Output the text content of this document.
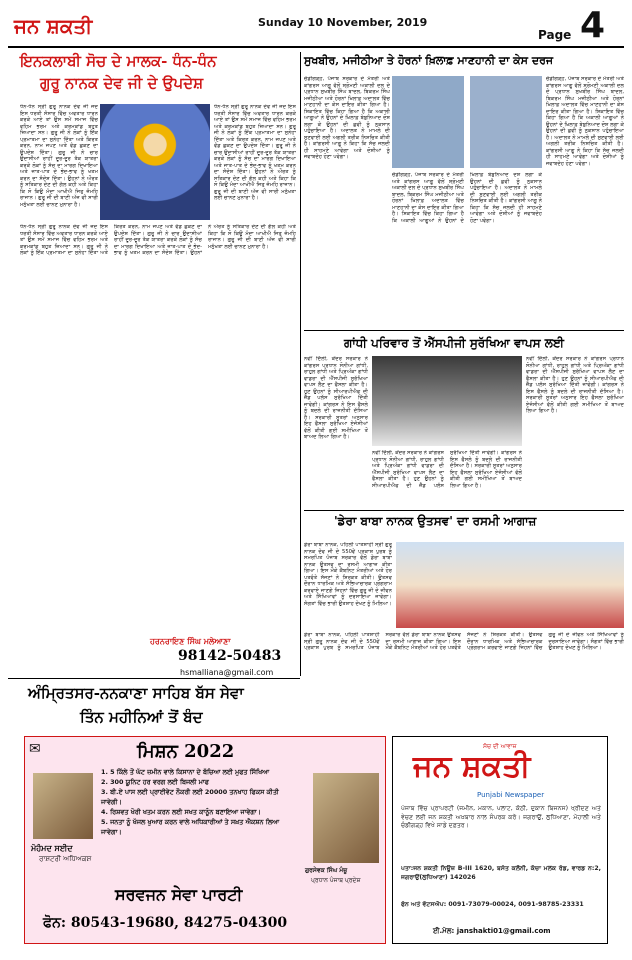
ਜਨ ਸ਼ਕਤੀ	Sunday 10 November, 2019
Page 4
ਇਨਕਲਾਬੀ ਸੋਚ ਦੇ ਮਾਲਕ- ਧੰਨ-ਧੰਨ
ਗੁਰੂ ਨਾਨਕ ਦੇਵ ਜੀ ਦੇ ਉਪਦੇਸ਼
ਧੰਨ-ਧੰਨ ਸ੍ਰੀ ਗੁਰੂ ਨਾਨਕ ਦੇਵ ਜੀ ਜਦ ਇਸ ਧਰਤੀ ਸੰਸਾਰ ਵਿੱਚ ਅਵਤਾਰ ਧਾਰਨ ਕਰਕੇ ਆਏ ਤਾਂ ਉਸ ਸਮੇਂ ਸਮਾਜ ਵਿੱਚ ਵਹਿਮ ਭਰਮ ਅਤੇ ਕਰਮਕਾਂਡ ਬਹੁਤ ਜ਼ਿਆਦਾ ਸਨ। ਗੁਰੂ ਜੀ ਨੇ ਲੋਕਾਂ ਨੂੰ ਇੱਕ ਪ੍ਰਮਾਤਮਾ ਦਾ ਸੁਨੇਹਾ ਦਿੱਤਾ ਅਤੇ ਕਿਰਤ ਕਰਨ, ਨਾਮ ਜਪਣ ਅਤੇ ਵੰਡ ਛਕਣ ਦਾ ਉਪਦੇਸ਼ ਦਿੱਤਾ। ਗੁਰੂ ਜੀ ਨੇ ਚਾਰ ਉਦਾਸੀਆਂ ਰਾਹੀਂ ਦੂਰ-ਦੂਰ ਤੱਕ ਯਾਤਰਾ ਕਰਕੇ ਲੋਕਾਂ ਨੂੰ ਸੱਚ ਦਾ ਮਾਰਗ ਦਿਖਾਇਆ ਅਤੇ ਜਾਤ-ਪਾਤ ਦੇ ਭੇਦ-ਭਾਵ ਨੂੰ ਖਤਮ ਕਰਨ ਦਾ ਸੰਦੇਸ਼ ਦਿੱਤਾ। ਉਹਨਾਂ ਨੇ ਔਰਤ ਨੂੰ ਸਤਿਕਾਰ ਦੇਣ ਦੀ ਗੱਲ ਕਹੀ ਅਤੇ ਕਿਹਾ ਕਿ ਸੋ ਕਿਉ ਮੰਦਾ ਆਖੀਐ ਜਿਤੁ ਜੰਮਹਿ ਰਾਜਾਨ। ਗੁਰੂ ਜੀ ਦੀ ਬਾਣੀ ਅੱਜ ਵੀ ਸਾਰੀ ਮਨੁੱਖਤਾ ਲਈ ਚਾਨਣ ਮੁਨਾਰਾ ਹੈ।
ਧੰਨ-ਧੰਨ ਸ੍ਰੀ ਗੁਰੂ ਨਾਨਕ ਦੇਵ ਜੀ ਜਦ ਇਸ ਧਰਤੀ ਸੰਸਾਰ ਵਿੱਚ ਅਵਤਾਰ ਧਾਰਨ ਕਰਕੇ ਆਏ ਤਾਂ ਉਸ ਸਮੇਂ ਸਮਾਜ ਵਿੱਚ ਵਹਿਮ ਭਰਮ ਅਤੇ ਕਰਮਕਾਂਡ ਬਹੁਤ ਜ਼ਿਆਦਾ ਸਨ। ਗੁਰੂ ਜੀ ਨੇ ਲੋਕਾਂ ਨੂੰ ਇੱਕ ਪ੍ਰਮਾਤਮਾ ਦਾ ਸੁਨੇਹਾ ਦਿੱਤਾ ਅਤੇ ਕਿਰਤ ਕਰਨ, ਨਾਮ ਜਪਣ ਅਤੇ ਵੰਡ ਛਕਣ ਦਾ ਉਪਦੇਸ਼ ਦਿੱਤਾ। ਗੁਰੂ ਜੀ ਨੇ ਚਾਰ ਉਦਾਸੀਆਂ ਰਾਹੀਂ ਦੂਰ-ਦੂਰ ਤੱਕ ਯਾਤਰਾ ਕਰਕੇ ਲੋਕਾਂ ਨੂੰ ਸੱਚ ਦਾ ਮਾਰਗ ਦਿਖਾਇਆ ਅਤੇ ਜਾਤ-ਪਾਤ ਦੇ ਭੇਦ-ਭਾਵ ਨੂੰ ਖਤਮ ਕਰਨ ਦਾ ਸੰਦੇਸ਼ ਦਿੱਤਾ। ਉਹਨਾਂ ਨੇ ਔਰਤ ਨੂੰ ਸਤਿਕਾਰ ਦੇਣ ਦੀ ਗੱਲ ਕਹੀ ਅਤੇ ਕਿਹਾ ਕਿ ਸੋ ਕਿਉ ਮੰਦਾ ਆਖੀਐ ਜਿਤੁ ਜੰਮਹਿ ਰਾਜਾਨ। ਗੁਰੂ ਜੀ ਦੀ ਬਾਣੀ ਅੱਜ ਵੀ ਸਾਰੀ ਮਨੁੱਖਤਾ ਲਈ ਚਾਨਣ ਮੁਨਾਰਾ ਹੈ।
ਧੰਨ-ਧੰਨ ਸ੍ਰੀ ਗੁਰੂ ਨਾਨਕ ਦੇਵ ਜੀ ਜਦ ਇਸ ਧਰਤੀ ਸੰਸਾਰ ਵਿੱਚ ਅਵਤਾਰ ਧਾਰਨ ਕਰਕੇ ਆਏ ਤਾਂ ਉਸ ਸਮੇਂ ਸਮਾਜ ਵਿੱਚ ਵਹਿਮ ਭਰਮ ਅਤੇ ਕਰਮਕਾਂਡ ਬਹੁਤ ਜ਼ਿਆਦਾ ਸਨ। ਗੁਰੂ ਜੀ ਨੇ ਲੋਕਾਂ ਨੂੰ ਇੱਕ ਪ੍ਰਮਾਤਮਾ ਦਾ ਸੁਨੇਹਾ ਦਿੱਤਾ ਅਤੇ ਕਿਰਤ ਕਰਨ, ਨਾਮ ਜਪਣ ਅਤੇ ਵੰਡ ਛਕਣ ਦਾ ਉਪਦੇਸ਼ ਦਿੱਤਾ। ਗੁਰੂ ਜੀ ਨੇ ਚਾਰ ਉਦਾਸੀਆਂ ਰਾਹੀਂ ਦੂਰ-ਦੂਰ ਤੱਕ ਯਾਤਰਾ ਕਰਕੇ ਲੋਕਾਂ ਨੂੰ ਸੱਚ ਦਾ ਮਾਰਗ ਦਿਖਾਇਆ ਅਤੇ ਜਾਤ-ਪਾਤ ਦੇ ਭੇਦ-ਭਾਵ ਨੂੰ ਖਤਮ ਕਰਨ ਦਾ ਸੰਦੇਸ਼ ਦਿੱਤਾ। ਉਹਨਾਂ ਨੇ ਔਰਤ ਨੂੰ ਸਤਿਕਾਰ ਦੇਣ ਦੀ ਗੱਲ ਕਹੀ ਅਤੇ ਕਿਹਾ ਕਿ ਸੋ ਕਿਉ ਮੰਦਾ ਆਖੀਐ ਜਿਤੁ ਜੰਮਹਿ ਰਾਜਾਨ। ਗੁਰੂ ਜੀ ਦੀ ਬਾਣੀ ਅੱਜ ਵੀ ਸਾਰੀ ਮਨੁੱਖਤਾ ਲਈ ਚਾਨਣ ਮੁਨਾਰਾ ਹੈ।
ਹਰਨਰਾਇਣ ਸਿੰਘ ਮਲੇਆਣਾ
98142-50483
hsmalliana@gmail.com
ਅੰਮ੍ਰਿਤਸਰ-ਨਨਕਾਣਾ ਸਾਹਿਬ ਬੱਸ ਸੇਵਾ
ਤਿੰਨ ਮਹੀਨਿਆਂ ਤੋਂ ਬੰਦ
ਸੁਖਬੀਰ, ਮਜੀਠੀਆ ਤੇ ਹੋਰਨਾਂ ਖ਼ਿਲਾਫ਼ ਮਾਣਹਾਨੀ ਦਾ ਕੇਸ ਦਰਜ
ਚੰਡੀਗੜ੍ਹ, ਪੰਜਾਬ ਸਰਕਾਰ ਦੇ ਮੰਤਰੀ ਅਤੇ ਕਾਂਗਰਸ ਆਗੂ ਵੱਲੋਂ ਸ਼੍ਰੋਮਣੀ ਅਕਾਲੀ ਦਲ ਦੇ ਪ੍ਰਧਾਨ ਸੁਖਬੀਰ ਸਿੰਘ ਬਾਦਲ, ਬਿਕਰਮ ਸਿੰਘ ਮਜੀਠੀਆ ਅਤੇ ਹੋਰਨਾਂ ਖ਼ਿਲਾਫ਼ ਅਦਾਲਤ ਵਿੱਚ ਮਾਣਹਾਨੀ ਦਾ ਕੇਸ ਦਾਇਰ ਕੀਤਾ ਗਿਆ ਹੈ। ਸ਼ਿਕਾਇਤ ਵਿੱਚ ਕਿਹਾ ਗਿਆ ਹੈ ਕਿ ਅਕਾਲੀ ਆਗੂਆਂ ਨੇ ਉਹਨਾਂ ਦੇ ਖ਼ਿਲਾਫ਼ ਬੇਬੁਨਿਆਦ ਦੋਸ਼ ਲਗਾ ਕੇ ਉਹਨਾਂ ਦੀ ਛਵੀ ਨੂੰ ਨੁਕਸਾਨ ਪਹੁੰਚਾਇਆ ਹੈ। ਅਦਾਲਤ ਨੇ ਮਾਮਲੇ ਦੀ ਸੁਣਵਾਈ ਲਈ ਅਗਲੀ ਤਰੀਕ ਨਿਸ਼ਚਿਤ ਕੀਤੀ ਹੈ। ਕਾਂਗਰਸੀ ਆਗੂ ਨੇ ਕਿਹਾ ਕਿ ਸੱਚ ਜਲਦੀ ਹੀ ਸਾਹਮਣੇ ਆਵੇਗਾ ਅਤੇ ਦੋਸ਼ੀਆਂ ਨੂੰ ਜਵਾਬਦੇਹ ਹੋਣਾ ਪਵੇਗਾ।
ਚੰਡੀਗੜ੍ਹ, ਪੰਜਾਬ ਸਰਕਾਰ ਦੇ ਮੰਤਰੀ ਅਤੇ ਕਾਂਗਰਸ ਆਗੂ ਵੱਲੋਂ ਸ਼੍ਰੋਮਣੀ ਅਕਾਲੀ ਦਲ ਦੇ ਪ੍ਰਧਾਨ ਸੁਖਬੀਰ ਸਿੰਘ ਬਾਦਲ, ਬਿਕਰਮ ਸਿੰਘ ਮਜੀਠੀਆ ਅਤੇ ਹੋਰਨਾਂ ਖ਼ਿਲਾਫ਼ ਅਦਾਲਤ ਵਿੱਚ ਮਾਣਹਾਨੀ ਦਾ ਕੇਸ ਦਾਇਰ ਕੀਤਾ ਗਿਆ ਹੈ। ਸ਼ਿਕਾਇਤ ਵਿੱਚ ਕਿਹਾ ਗਿਆ ਹੈ ਕਿ ਅਕਾਲੀ ਆਗੂਆਂ ਨੇ ਉਹਨਾਂ ਦੇ ਖ਼ਿਲਾਫ਼ ਬੇਬੁਨਿਆਦ ਦੋਸ਼ ਲਗਾ ਕੇ ਉਹਨਾਂ ਦੀ ਛਵੀ ਨੂੰ ਨੁਕਸਾਨ ਪਹੁੰਚਾਇਆ ਹੈ। ਅਦਾਲਤ ਨੇ ਮਾਮਲੇ ਦੀ ਸੁਣਵਾਈ ਲਈ ਅਗਲੀ ਤਰੀਕ ਨਿਸ਼ਚਿਤ ਕੀਤੀ ਹੈ। ਕਾਂਗਰਸੀ ਆਗੂ ਨੇ ਕਿਹਾ ਕਿ ਸੱਚ ਜਲਦੀ ਹੀ ਸਾਹਮਣੇ ਆਵੇਗਾ ਅਤੇ ਦੋਸ਼ੀਆਂ ਨੂੰ ਜਵਾਬਦੇਹ ਹੋਣਾ ਪਵੇਗਾ।
ਚੰਡੀਗੜ੍ਹ, ਪੰਜਾਬ ਸਰਕਾਰ ਦੇ ਮੰਤਰੀ ਅਤੇ ਕਾਂਗਰਸ ਆਗੂ ਵੱਲੋਂ ਸ਼੍ਰੋਮਣੀ ਅਕਾਲੀ ਦਲ ਦੇ ਪ੍ਰਧਾਨ ਸੁਖਬੀਰ ਸਿੰਘ ਬਾਦਲ, ਬਿਕਰਮ ਸਿੰਘ ਮਜੀਠੀਆ ਅਤੇ ਹੋਰਨਾਂ ਖ਼ਿਲਾਫ਼ ਅਦਾਲਤ ਵਿੱਚ ਮਾਣਹਾਨੀ ਦਾ ਕੇਸ ਦਾਇਰ ਕੀਤਾ ਗਿਆ ਹੈ। ਸ਼ਿਕਾਇਤ ਵਿੱਚ ਕਿਹਾ ਗਿਆ ਹੈ ਕਿ ਅਕਾਲੀ ਆਗੂਆਂ ਨੇ ਉਹਨਾਂ ਦੇ ਖ਼ਿਲਾਫ਼ ਬੇਬੁਨਿਆਦ ਦੋਸ਼ ਲਗਾ ਕੇ ਉਹਨਾਂ ਦੀ ਛਵੀ ਨੂੰ ਨੁਕਸਾਨ ਪਹੁੰਚਾਇਆ ਹੈ। ਅਦਾਲਤ ਨੇ ਮਾਮਲੇ ਦੀ ਸੁਣਵਾਈ ਲਈ ਅਗਲੀ ਤਰੀਕ ਨਿਸ਼ਚਿਤ ਕੀਤੀ ਹੈ। ਕਾਂਗਰਸੀ ਆਗੂ ਨੇ ਕਿਹਾ ਕਿ ਸੱਚ ਜਲਦੀ ਹੀ ਸਾਹਮਣੇ ਆਵੇਗਾ ਅਤੇ ਦੋਸ਼ੀਆਂ ਨੂੰ ਜਵਾਬਦੇਹ ਹੋਣਾ ਪਵੇਗਾ।
ਗਾਂਧੀ ਪਰਿਵਾਰ ਤੋਂ ਐੱਸਪੀਜੀ ਸੁਰੱਖਿਆ ਵਾਪਸ ਲਈ
ਨਵੀਂ ਦਿੱਲੀ, ਕੇਂਦਰ ਸਰਕਾਰ ਨੇ ਕਾਂਗਰਸ ਪ੍ਰਧਾਨ ਸੋਨੀਆ ਗਾਂਧੀ, ਰਾਹੁਲ ਗਾਂਧੀ ਅਤੇ ਪ੍ਰਿਅੰਕਾ ਗਾਂਧੀ ਵਾਡਰਾ ਦੀ ਐੱਸਪੀਜੀ ਸੁਰੱਖਿਆ ਵਾਪਸ ਲੈਣ ਦਾ ਫੈਸਲਾ ਕੀਤਾ ਹੈ। ਹੁਣ ਉਹਨਾਂ ਨੂੰ ਸੀਆਰਪੀਐਫ ਦੀ ਜ਼ੈੱਡ ਪਲੱਸ ਸੁਰੱਖਿਆ ਦਿੱਤੀ ਜਾਵੇਗੀ। ਕਾਂਗਰਸ ਨੇ ਇਸ ਫੈਸਲੇ ਨੂੰ ਬਦਲੇ ਦੀ ਰਾਜਨੀਤੀ ਦੱਸਿਆ ਹੈ। ਸਰਕਾਰੀ ਸੂਤਰਾਂ ਅਨੁਸਾਰ ਇਹ ਫੈਸਲਾ ਸੁਰੱਖਿਆ ਏਜੰਸੀਆਂ ਵੱਲੋਂ ਕੀਤੀ ਗਈ ਸਮੀਖਿਆ ਤੋਂ ਬਾਅਦ ਲਿਆ ਗਿਆ ਹੈ।
ਨਵੀਂ ਦਿੱਲੀ, ਕੇਂਦਰ ਸਰਕਾਰ ਨੇ ਕਾਂਗਰਸ ਪ੍ਰਧਾਨ ਸੋਨੀਆ ਗਾਂਧੀ, ਰਾਹੁਲ ਗਾਂਧੀ ਅਤੇ ਪ੍ਰਿਅੰਕਾ ਗਾਂਧੀ ਵਾਡਰਾ ਦੀ ਐੱਸਪੀਜੀ ਸੁਰੱਖਿਆ ਵਾਪਸ ਲੈਣ ਦਾ ਫੈਸਲਾ ਕੀਤਾ ਹੈ। ਹੁਣ ਉਹਨਾਂ ਨੂੰ ਸੀਆਰਪੀਐਫ ਦੀ ਜ਼ੈੱਡ ਪਲੱਸ ਸੁਰੱਖਿਆ ਦਿੱਤੀ ਜਾਵੇਗੀ। ਕਾਂਗਰਸ ਨੇ ਇਸ ਫੈਸਲੇ ਨੂੰ ਬਦਲੇ ਦੀ ਰਾਜਨੀਤੀ ਦੱਸਿਆ ਹੈ। ਸਰਕਾਰੀ ਸੂਤਰਾਂ ਅਨੁਸਾਰ ਇਹ ਫੈਸਲਾ ਸੁਰੱਖਿਆ ਏਜੰਸੀਆਂ ਵੱਲੋਂ ਕੀਤੀ ਗਈ ਸਮੀਖਿਆ ਤੋਂ ਬਾਅਦ ਲਿਆ ਗਿਆ ਹੈ।
ਨਵੀਂ ਦਿੱਲੀ, ਕੇਂਦਰ ਸਰਕਾਰ ਨੇ ਕਾਂਗਰਸ ਪ੍ਰਧਾਨ ਸੋਨੀਆ ਗਾਂਧੀ, ਰਾਹੁਲ ਗਾਂਧੀ ਅਤੇ ਪ੍ਰਿਅੰਕਾ ਗਾਂਧੀ ਵਾਡਰਾ ਦੀ ਐੱਸਪੀਜੀ ਸੁਰੱਖਿਆ ਵਾਪਸ ਲੈਣ ਦਾ ਫੈਸਲਾ ਕੀਤਾ ਹੈ। ਹੁਣ ਉਹਨਾਂ ਨੂੰ ਸੀਆਰਪੀਐਫ ਦੀ ਜ਼ੈੱਡ ਪਲੱਸ ਸੁਰੱਖਿਆ ਦਿੱਤੀ ਜਾਵੇਗੀ। ਕਾਂਗਰਸ ਨੇ ਇਸ ਫੈਸਲੇ ਨੂੰ ਬਦਲੇ ਦੀ ਰਾਜਨੀਤੀ ਦੱਸਿਆ ਹੈ। ਸਰਕਾਰੀ ਸੂਤਰਾਂ ਅਨੁਸਾਰ ਇਹ ਫੈਸਲਾ ਸੁਰੱਖਿਆ ਏਜੰਸੀਆਂ ਵੱਲੋਂ ਕੀਤੀ ਗਈ ਸਮੀਖਿਆ ਤੋਂ ਬਾਅਦ ਲਿਆ ਗਿਆ ਹੈ।
'ਡੇਰਾ ਬਾਬਾ ਨਾਨਕ ਉਤਸਵ' ਦਾ ਰਸਮੀ ਆਗਾਜ਼
ਡੇਰਾ ਬਾਬਾ ਨਾਨਕ, ਪਹਿਲੀ ਪਾਤਸ਼ਾਹੀ ਸ੍ਰੀ ਗੁਰੂ ਨਾਨਕ ਦੇਵ ਜੀ ਦੇ 550ਵੇਂ ਪ੍ਰਕਾਸ਼ ਪੁਰਬ ਨੂੰ ਸਮਰਪਿਤ ਪੰਜਾਬ ਸਰਕਾਰ ਵੱਲੋਂ ਡੇਰਾ ਬਾਬਾ ਨਾਨਕ ਉਤਸਵ ਦਾ ਰਸਮੀ ਆਗਾਜ਼ ਕੀਤਾ ਗਿਆ। ਇਸ ਮੌਕੇ ਕੈਬਨਿਟ ਮੰਤਰੀਆਂ ਅਤੇ ਹੋਰ ਪਤਵੰਤੇ ਸੱਜਣਾਂ ਨੇ ਸ਼ਿਰਕਤ ਕੀਤੀ। ਉਤਸਵ ਦੌਰਾਨ ਧਾਰਮਿਕ ਅਤੇ ਸੱਭਿਆਚਾਰਕ ਪ੍ਰੋਗਰਾਮ ਕਰਵਾਏ ਜਾਣਗੇ ਜਿਹਨਾਂ ਵਿੱਚ ਗੁਰੂ ਜੀ ਦੇ ਜੀਵਨ ਅਤੇ ਸਿੱਖਿਆਵਾਂ ਨੂੰ ਦਰਸਾਇਆ ਜਾਵੇਗਾ। ਸੰਗਤਾਂ ਵਿੱਚ ਭਾਰੀ ਉਤਸ਼ਾਹ ਦੇਖਣ ਨੂੰ ਮਿਲਿਆ।
ਡੇਰਾ ਬਾਬਾ ਨਾਨਕ, ਪਹਿਲੀ ਪਾਤਸ਼ਾਹੀ ਸ੍ਰੀ ਗੁਰੂ ਨਾਨਕ ਦੇਵ ਜੀ ਦੇ 550ਵੇਂ ਪ੍ਰਕਾਸ਼ ਪੁਰਬ ਨੂੰ ਸਮਰਪਿਤ ਪੰਜਾਬ ਸਰਕਾਰ ਵੱਲੋਂ ਡੇਰਾ ਬਾਬਾ ਨਾਨਕ ਉਤਸਵ ਦਾ ਰਸਮੀ ਆਗਾਜ਼ ਕੀਤਾ ਗਿਆ। ਇਸ ਮੌਕੇ ਕੈਬਨਿਟ ਮੰਤਰੀਆਂ ਅਤੇ ਹੋਰ ਪਤਵੰਤੇ ਸੱਜਣਾਂ ਨੇ ਸ਼ਿਰਕਤ ਕੀਤੀ। ਉਤਸਵ ਦੌਰਾਨ ਧਾਰਮਿਕ ਅਤੇ ਸੱਭਿਆਚਾਰਕ ਪ੍ਰੋਗਰਾਮ ਕਰਵਾਏ ਜਾਣਗੇ ਜਿਹਨਾਂ ਵਿੱਚ ਗੁਰੂ ਜੀ ਦੇ ਜੀਵਨ ਅਤੇ ਸਿੱਖਿਆਵਾਂ ਨੂੰ ਦਰਸਾਇਆ ਜਾਵੇਗਾ। ਸੰਗਤਾਂ ਵਿੱਚ ਭਾਰੀ ਉਤਸ਼ਾਹ ਦੇਖਣ ਨੂੰ ਮਿਲਿਆ।
✉	ਮਿਸ਼ਨ 2022
ਮੋਹੰਮਦ ਸਈਦ
ਰਾਸ਼ਟਰੀ ਅਧਿਅਕਸ਼
1. 5 ਕਿੱਲੇ ਤੋਂ ਘੱਟ ਜ਼ਮੀਨ ਵਾਲੇ ਕਿਸਾਨਾ ਦੇ ਬੱਚਿਆ ਲਈ ਮੁਫਤ ਸਿੱਖਿਆ
2. 300 ਯੂਨਿਟ ਹਰ ਵਰਗ ਲਈ ਬਿਜਲੀ ਮਾਫ
3. ਬੀ.ਏ ਪਾਸ ਲਈ ਪ੍ਰਾਈਵੇਟ ਨੌਕਰੀ ਲਈ 20000 ਤਨਖਾਹ ਫਿਕਸ ਕੀਤੀ ਜਾਵੇਗੀ।
4. ਰਿਸ਼ਵਤ ਖੋਰੀ ਖਤਮ ਕਰਨ ਲਈ ਸਖਤ ਕਾਨੂੰਨ ਬਣਾਇਆ ਜਾਵੇਗਾ।
5. ਜਨਤਾ ਨੂੰ ਖੱਜਲ ਖੁਆਰ ਕਰਨ ਵਾਲੇ ਅਧਿਕਾਰੀਆਂ ਤੇ ਸਖ਼ਤ ਐਕਸ਼ਨ ਲਿਆ ਜਾਵੇਗਾ।
ਗੁਰਸੇਵਕ ਸਿੰਘ ਮੰਜ਼ੂ
ਪ੍ਰਧਾਨ ਪੰਜਾਬ ਪ੍ਰਦੇਸ਼
ਸਰਵਜਨ ਸੇਵਾ ਪਾਰਟੀ
ਫੋਨ: 80543-19680, 84275-04300
ਸੱਚ ਦੀ ਆਵਾਜ਼
ਜਨ ਸ਼ਕਤੀ
Punjabi Newspaper
ਪੰਜਾਬ ਵਿੱਚ ਪ੍ਰਾਪਰਟੀ (ਜਮੀਨ, ਮਕਾਨ, ਪਲਾਟ, ਕੋਠੀ, ਦੁਕਾਨ ਬਿਜਨਸ) ਖ੍ਰੀਦਣ ਅਤੇ ਵੇਚਣ ਲਈ ਜਨ ਸ਼ਕਤੀ ਅਖ਼ਬਾਰ ਨਾਲ ਸੰਪਰਕ ਕਰੋ। ਜਗਰਾਉਂ, ਲੁਧਿਆਣਾ, ਮੋਹਾਲੀ ਅਤੇ ਚੰਡੀਗੜ੍ਹ ਵਿਖੇ ਸਾਡੇ ਦਫ਼ਤਰ।
ਪਤਾ:ਜਨ ਸ਼ਕਤੀ ਨਿਊਜ਼ B-III 1620, ਬਸੰਤ ਕਲੋਨੀ, ਕੱਚਾ ਮਲਕ ਰੋਡ, ਵਾਰਡ ਨ:2, ਜਗਰਾਉਂ(ਲੁਧਿਆਣਾ) 142026
ਫੋਨ ਅਤੇ ਵੱਟਸਐਪ: 0091-73079-00024, 0091-98785-23331
ਈ.ਮੇਲ: janshakti01@gmail.com
